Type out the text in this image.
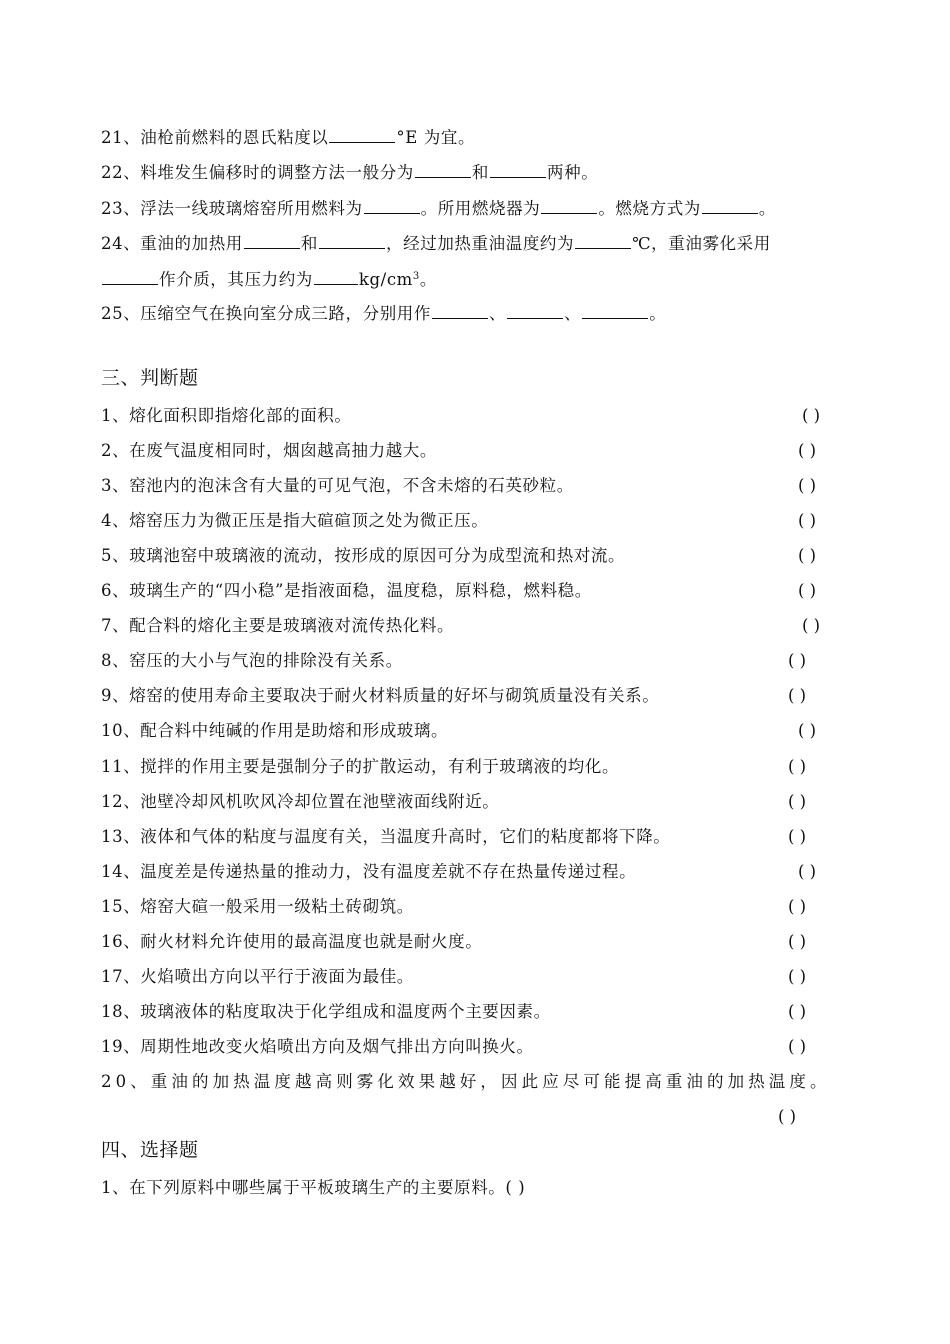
21、油枪前燃料的恩氏粘度以	°E 为宜。
22、料堆发生偏移时的调整方法一般分为	和	两种。
23、浮法一线玻璃熔窑所用燃料为	。所用燃烧器为	。燃烧方式为	。
24、重油的加热用	和	，经过加热重油温度约为	℃，重油雾化采用
作介质，其压力约为	$kg/cm^3$。
25、压缩空气在换向室分成三路，分别用作	、	、	。
三、判断题
1、熔化面积即指熔化部的面积。	( )
2、在废气温度相同时，烟囱越高抽力越大。	( )
3、窑池内的泡沫含有大量的可见气泡，不含未熔的石英砂粒。	( )
4、熔窑压力为微正压是指大碹碹顶之处为微正压。	( )
5、玻璃池窑中玻璃液的流动，按形成的原因可分为成型流和热对流。	( )
6、玻璃生产的“四小稳”是指液面稳，温度稳，原料稳，燃料稳。	( )
7、配合料的熔化主要是玻璃液对流传热化料。	( )
8、窑压的大小与气泡的排除没有关系。	( )
9、熔窑的使用寿命主要取决于耐火材料质量的好坏与砌筑质量没有关系。	( )
10、配合料中纯碱的作用是助熔和形成玻璃。	( )
11、搅拌的作用主要是强制分子的扩散运动，有利于玻璃液的均化。	( )
12、池壁冷却风机吹风冷却位置在池壁液面线附近。	( )
13、液体和气体的粘度与温度有关，当温度升高时，它们的粘度都将下降。	( )
14、温度差是传递热量的推动力，没有温度差就不存在热量传递过程。	( )
15、熔窑大碹一般采用一级粘土砖砌筑。	( )
16、耐火材料允许使用的最高温度也就是耐火度。	( )
17、火焰喷出方向以平行于液面为最佳。	( )
18、玻璃液体的粘度取决于化学组成和温度两个主要因素。	( )
19、周期性地改变火焰喷出方向及烟气排出方向叫换火。	( )
20、重油的加热温度越高则雾化效果越好，因此应尽可能提高重油的加热温度。
( )
四、选择题
1、在下列原料中哪些属于平板玻璃生产的主要原料。( )
